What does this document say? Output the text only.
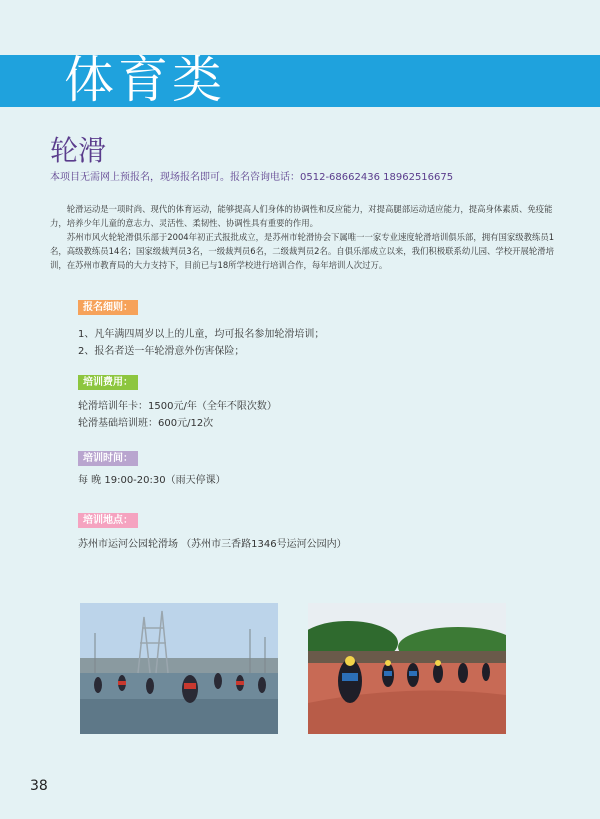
体育类
轮滑
本项目无需网上预报名，现场报名即可。报名咨询电话：0512-68662436 18962516675

轮滑运动是一项时尚、现代的体育运动，能够提高人们身体的协调性和反应能力，对提高腿部运动适应能力，提高身体素质、免疫能力，培养少年儿童的意志力、灵活性、柔韧性、协调性具有重要的作用。

苏州市风火轮轮滑俱乐部于2004年初正式报批成立，是苏州市轮滑协会下属唯一一家专业速度轮滑培训俱乐部，拥有国家级教练员1名，高级教练员14名；国家级裁判员3名，一级裁判员6名，二级裁判员2名。自俱乐部成立以来，我们积极联系幼儿园、学校开展轮滑培训，在苏州市教育局的大力支持下，目前已与18所学校进行培训合作，每年培训人次过万。

报名细则：

1、凡年满四周岁以上的儿童，均可报名参加轮滑培训；

2、报名者送一年轮滑意外伤害保险；

培训费用：

轮滑培训年卡：1500元/年（全年不限次数）

轮滑基础培训班：600元/12次

培训时间：
每 晚 19:00-20:30（雨天停课）
培训地点：
苏州市运河公园轮滑场 （苏州市三香路1346号运河公园内）
38
